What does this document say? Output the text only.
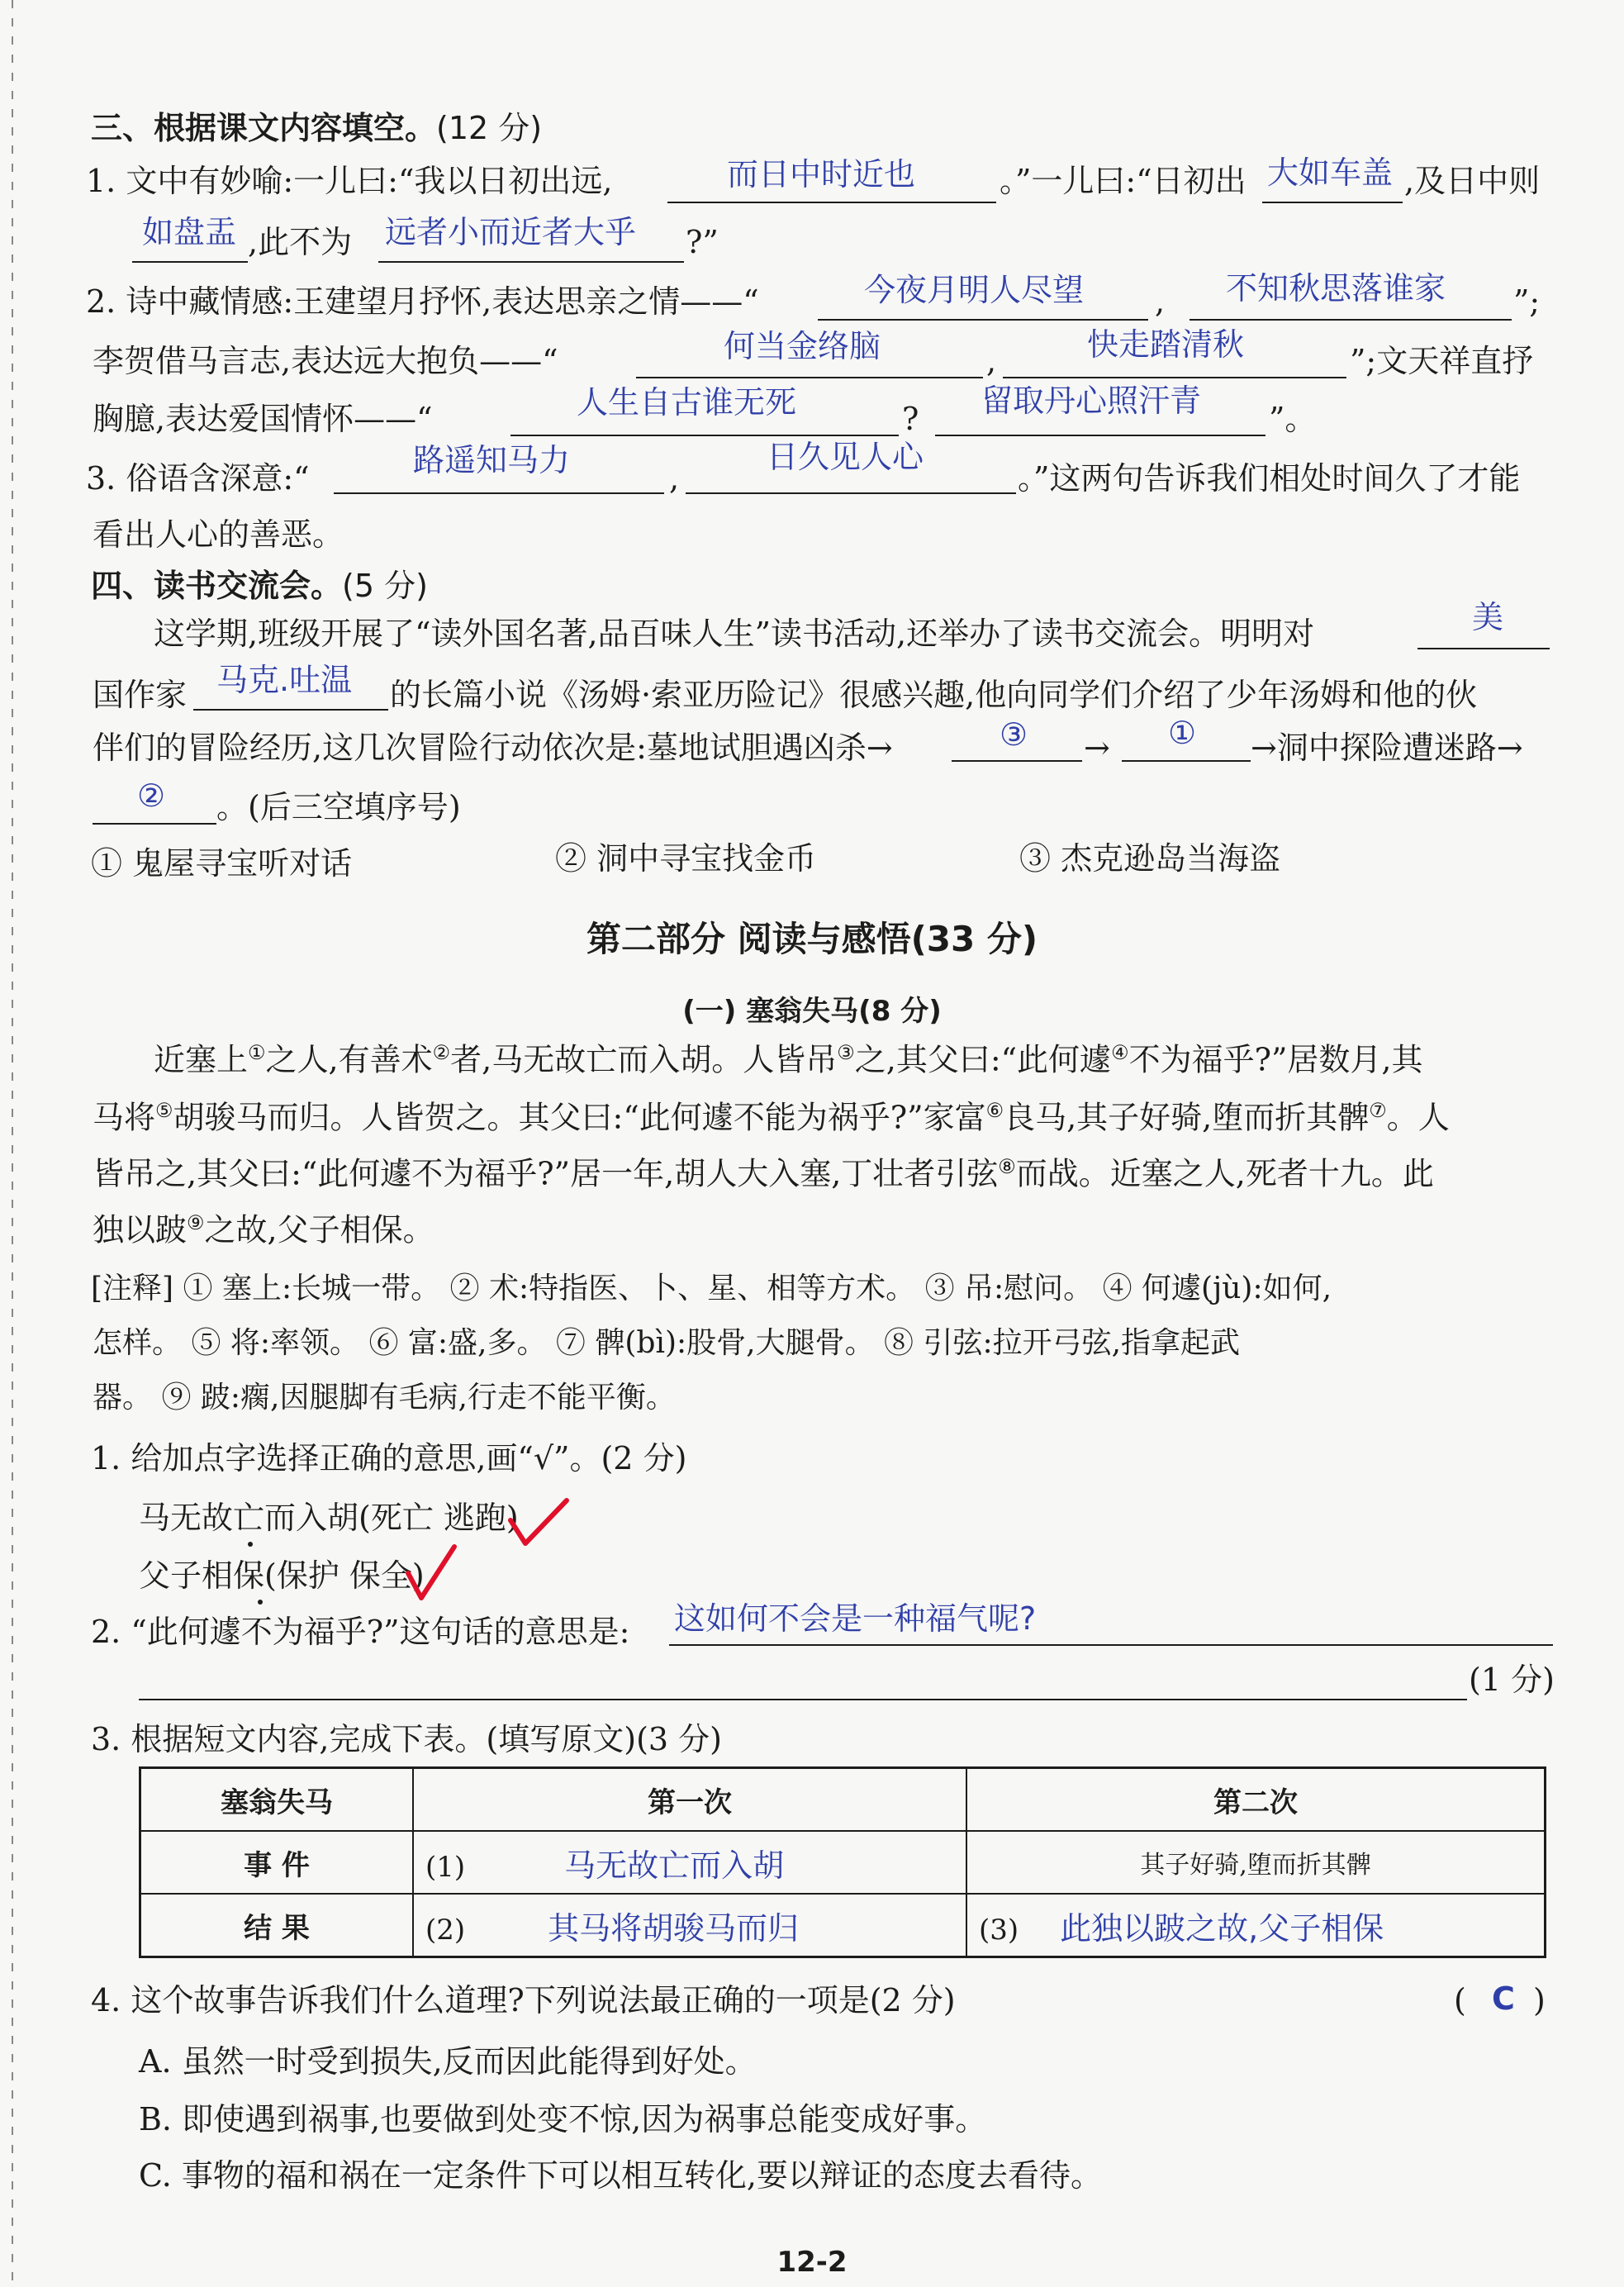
三、根据课文内容填空。(12 分)
1. 文中有妙喻:一儿曰:“我以日初出远,	而日中时近也	。”一儿曰:“日初出 大如车盖 ,及日中则
如盘盂 ,此不为 远者小而近者大乎 ?”
2. 诗中藏情感:王建望月抒怀,表达思亲之情——“	今夜月明人尽望 , 不知秋思落谁家 ”;
李贺借马言志,表达远大抱负——“	何当金络脑	,	快走踏清秋	”;文天祥直抒
胸臆,表达爱国情怀——“	人生自古谁无死	? 留取丹心照汗青 ”。
3. 俗语含深意:“	路遥知马力	,
日久见人心
。”这两句告诉我们相处时间久了才能
看出人心的善恶。
四、读书交流会。(5 分)
这学期,班级开展了“读外国名著,品百味人生”读书活动,还举办了读书交流会。明明对	美
国作家 马克.吐温 的长篇小说《汤姆·索亚历险记》很感兴趣,他向同学们介绍了少年汤姆和他的伙
伴们的冒险经历,这几次冒险行动依次是:墓地试胆遇凶杀→	③ → ① →洞中探险遭迷路→
② 。(后三空填序号)
① 鬼屋寻宝听对话	② 洞中寻宝找金币	③ 杰克逊岛当海盗
第二部分 阅读与感悟(33 分)
(一) 塞翁失马(8 分)
近塞上①之人,有善术②者,马无故亡而入胡。人皆吊③之,其父曰:“此何遽④不为福乎?”居数月,其
马将⑤胡骏马而归。人皆贺之。其父曰:“此何遽不能为祸乎?”家富⑥良马,其子好骑,堕而折其髀⑦。人
皆吊之,其父曰:“此何遽不为福乎?”居一年,胡人大入塞,丁壮者引弦⑧而战。近塞之人,死者十九。此
独以跛⑨之故,父子相保。
[注释] ① 塞上:长城一带。 ② 术:特指医、卜、星、相等方术。 ③ 吊:慰问。 ④ 何遽(jù):如何,
怎样。 ⑤ 将:率领。 ⑥ 富:盛,多。 ⑦ 髀(bì):股骨,大腿骨。 ⑧ 引弦:拉开弓弦,指拿起武
器。 ⑨ 跛:瘸,因腿脚有毛病,行走不能平衡。
1. 给加点字选择正确的意思,画“√”。(2 分)
马无故亡而入胡(死亡 逃跑)
父子相保(保护 保全)
2. “此何遽不为福乎?”这句话的意思是: 这如何不会是一种福气呢?
(1 分)
3. 根据短文内容,完成下表。(填写原文)(3 分)
塞翁失马	第一次	第二次
事 件	(1) 马无故亡而入胡	其子好骑,堕而折其髀
结 果	(2) 其马将胡骏马而归	(3) 此独以跛之故,父子相保
4. 这个故事告诉我们什么道理?下列说法最正确的一项是(2 分)	( C )
A. 虽然一时受到损失,反而因此能得到好处。
B. 即使遇到祸事,也要做到处变不惊,因为祸事总能变成好事。
C. 事物的福和祸在一定条件下可以相互转化,要以辩证的态度去看待。
12-2
